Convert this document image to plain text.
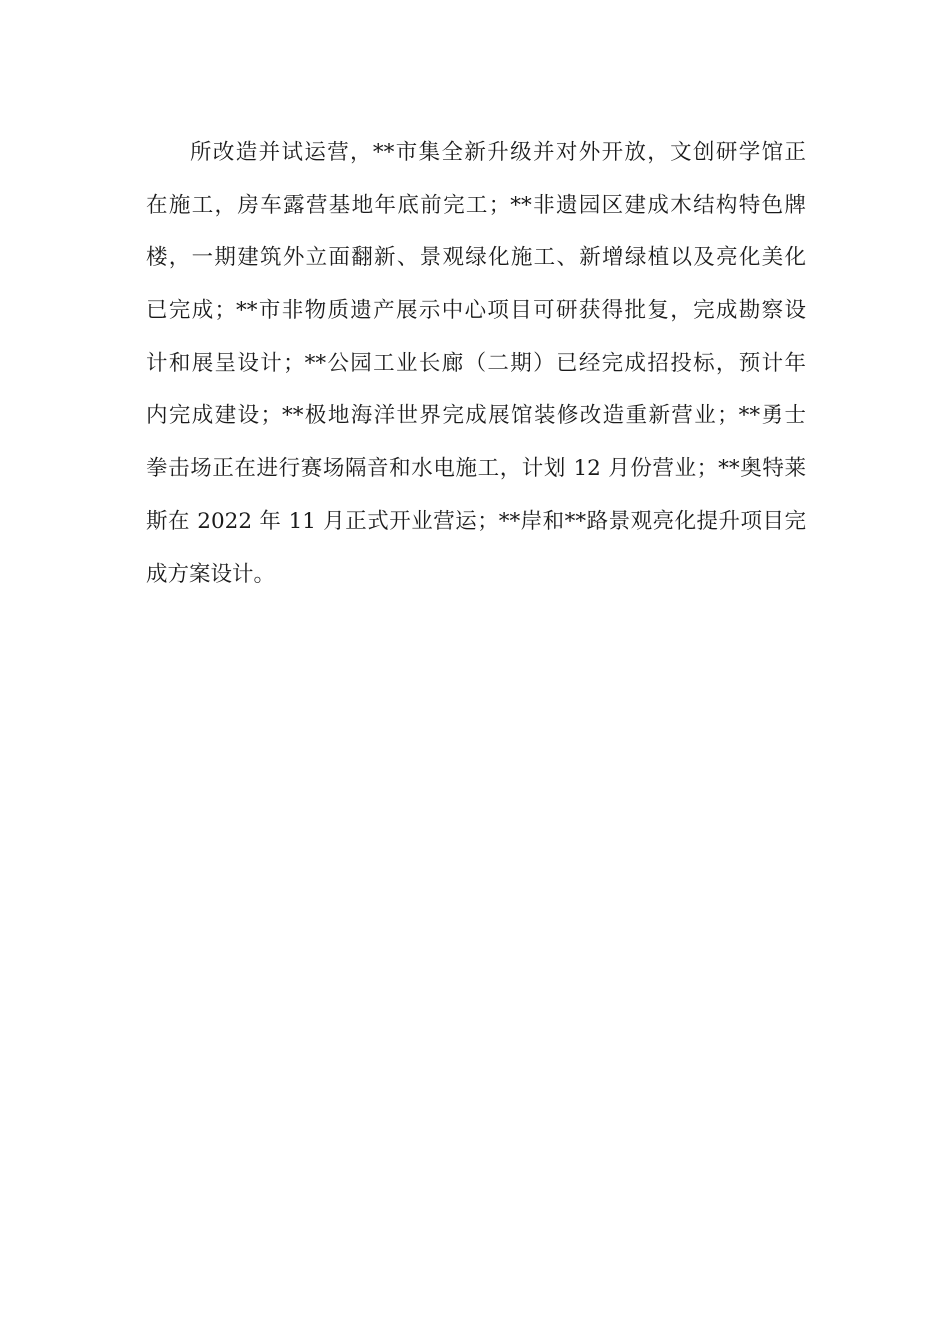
所改造并试运营，**市集全新升级并对外开放，文创研学馆正
在施工，房车露营基地年底前完工；**非遗园区建成木结构特色牌
楼，一期建筑外立面翻新、景观绿化施工、新增绿植以及亮化美化
已完成；**市非物质遗产展示中心项目可研获得批复，完成勘察设
计和展呈设计；**公园工业长廊（二期）已经完成招投标，预计年
内完成建设；**极地海洋世界完成展馆装修改造重新营业；**勇士
拳击场正在进行赛场隔音和水电施工，计划 12 月份营业；**奥特莱
斯在 2022 年 11 月正式开业营运；**岸和**路景观亮化提升项目完
成方案设计。
